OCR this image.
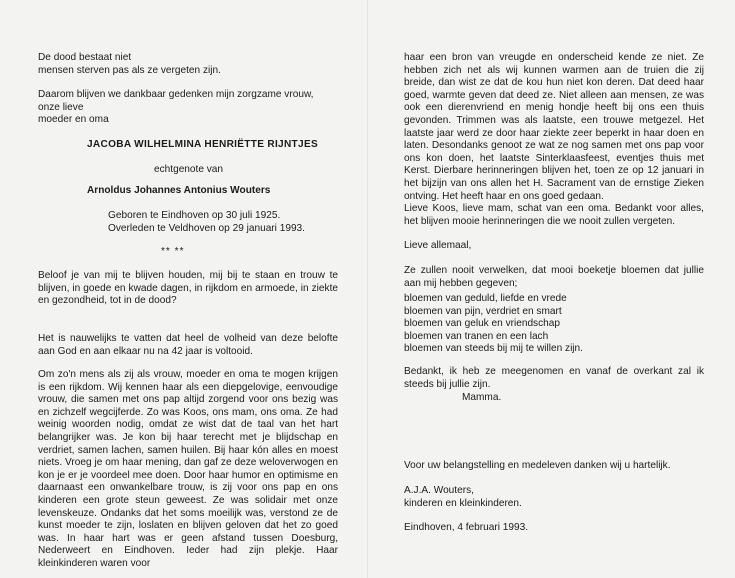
De dood bestaat niet

mensen sterven pas als ze vergeten zijn.

Daarom blijven we dankbaar gedenken mijn zorgzame vrouw, onze lieve

moeder en oma

JACOBA WILHELMINA HENRIËTTE RIJNTJES
echtgenote van
Arnoldus Johannes Antonius Wouters
Geboren te Eindhoven op 30 juli 1925.
Overleden te Veldhoven op 29 januari 1993.
** **

Beloof je van mij te blijven houden, mij bij te staan en trouw te blijven, in goede en kwade dagen, in rijkdom en armoede, in ziekte en gezondheid, tot in de dood?

Het is nauwelijks te vatten dat heel de volheid van deze belofte aan God en aan elkaar nu na 42 jaar is voltooid.

Om zo'n mens als zij als vrouw, moeder en oma te mogen krijgen is een rijkdom. Wij kennen haar als een diepgelovige, eenvoudige vrouw, die samen met ons pap altijd zorgend voor ons bezig was en zichzelf wegcijferde. Zo was Koos, ons mam, ons oma. Ze had weinig woorden nodig, omdat ze wist dat de taal van het hart belangrijker was. Je kon bij haar terecht met je blijdschap en verdriet, samen lachen, samen huilen. Bij haar kón alles en moest niets. Vroeg je om haar mening, dan gaf ze deze weloverwogen en kon je er je voordeel mee doen. Door haar humor en optimisme en daarnaast een onwankelbare trouw, is zij voor ons pap en ons kinderen een grote steun geweest. Ze was solidair met onze levenskeuze. Ondanks dat het soms moeilijk was, verstond ze de kunst moeder te zijn, loslaten en blijven geloven dat het zo goed was. In haar hart was er geen afstand tussen Doesburg, Nederweert en Eindhoven. Ieder had zijn plekje. Haar kleinkinderen waren voor

haar een bron van vreugde en onderscheid kende ze niet. Ze hebben zich net als wij kunnen warmen aan de truien die zij breide, dan wist ze dat de kou hun niet kon deren. Dat deed haar goed, warmte geven dat deed ze. Niet alleen aan mensen, ze was ook een dierenvriend en menig hondje heeft bij ons een thuis gevonden. Trimmen was als laatste, een trouwe metgezel. Het laatste jaar werd ze door haar ziekte zeer beperkt in haar doen en laten. Desondanks genoot ze wat ze nog samen met ons pap voor ons kon doen, het laatste Sinterklaasfeest, eventjes thuis met Kerst. Dierbare herinneringen blijven het, toen ze op 12 januari in het bijzijn van ons allen het H. Sacrament van de ernstige Zieken ontving. Het heeft haar en ons goed gedaan.

Lieve Koos, lieve mam, schat van een oma. Bedankt voor alles, het blijven mooie herinneringen die we nooit zullen vergeten.

Lieve allemaal,

Ze zullen nooit verwelken, dat mooi boeketje bloemen dat jullie aan mij hebben gegeven;

bloemen van geduld, liefde en vrede

bloemen van pijn, verdriet en smart

bloemen van geluk en vriendschap

bloemen van tranen en een lach

bloemen van steeds bij mij te willen zijn.

Bedankt, ik heb ze meegenomen en vanaf de overkant zal ik steeds bij jullie zijn.

Mamma.

Voor uw belangstelling en medeleven danken wij u hartelijk.

A.J.A. Wouters,

kinderen en kleinkinderen.

Eindhoven, 4 februari 1993.
